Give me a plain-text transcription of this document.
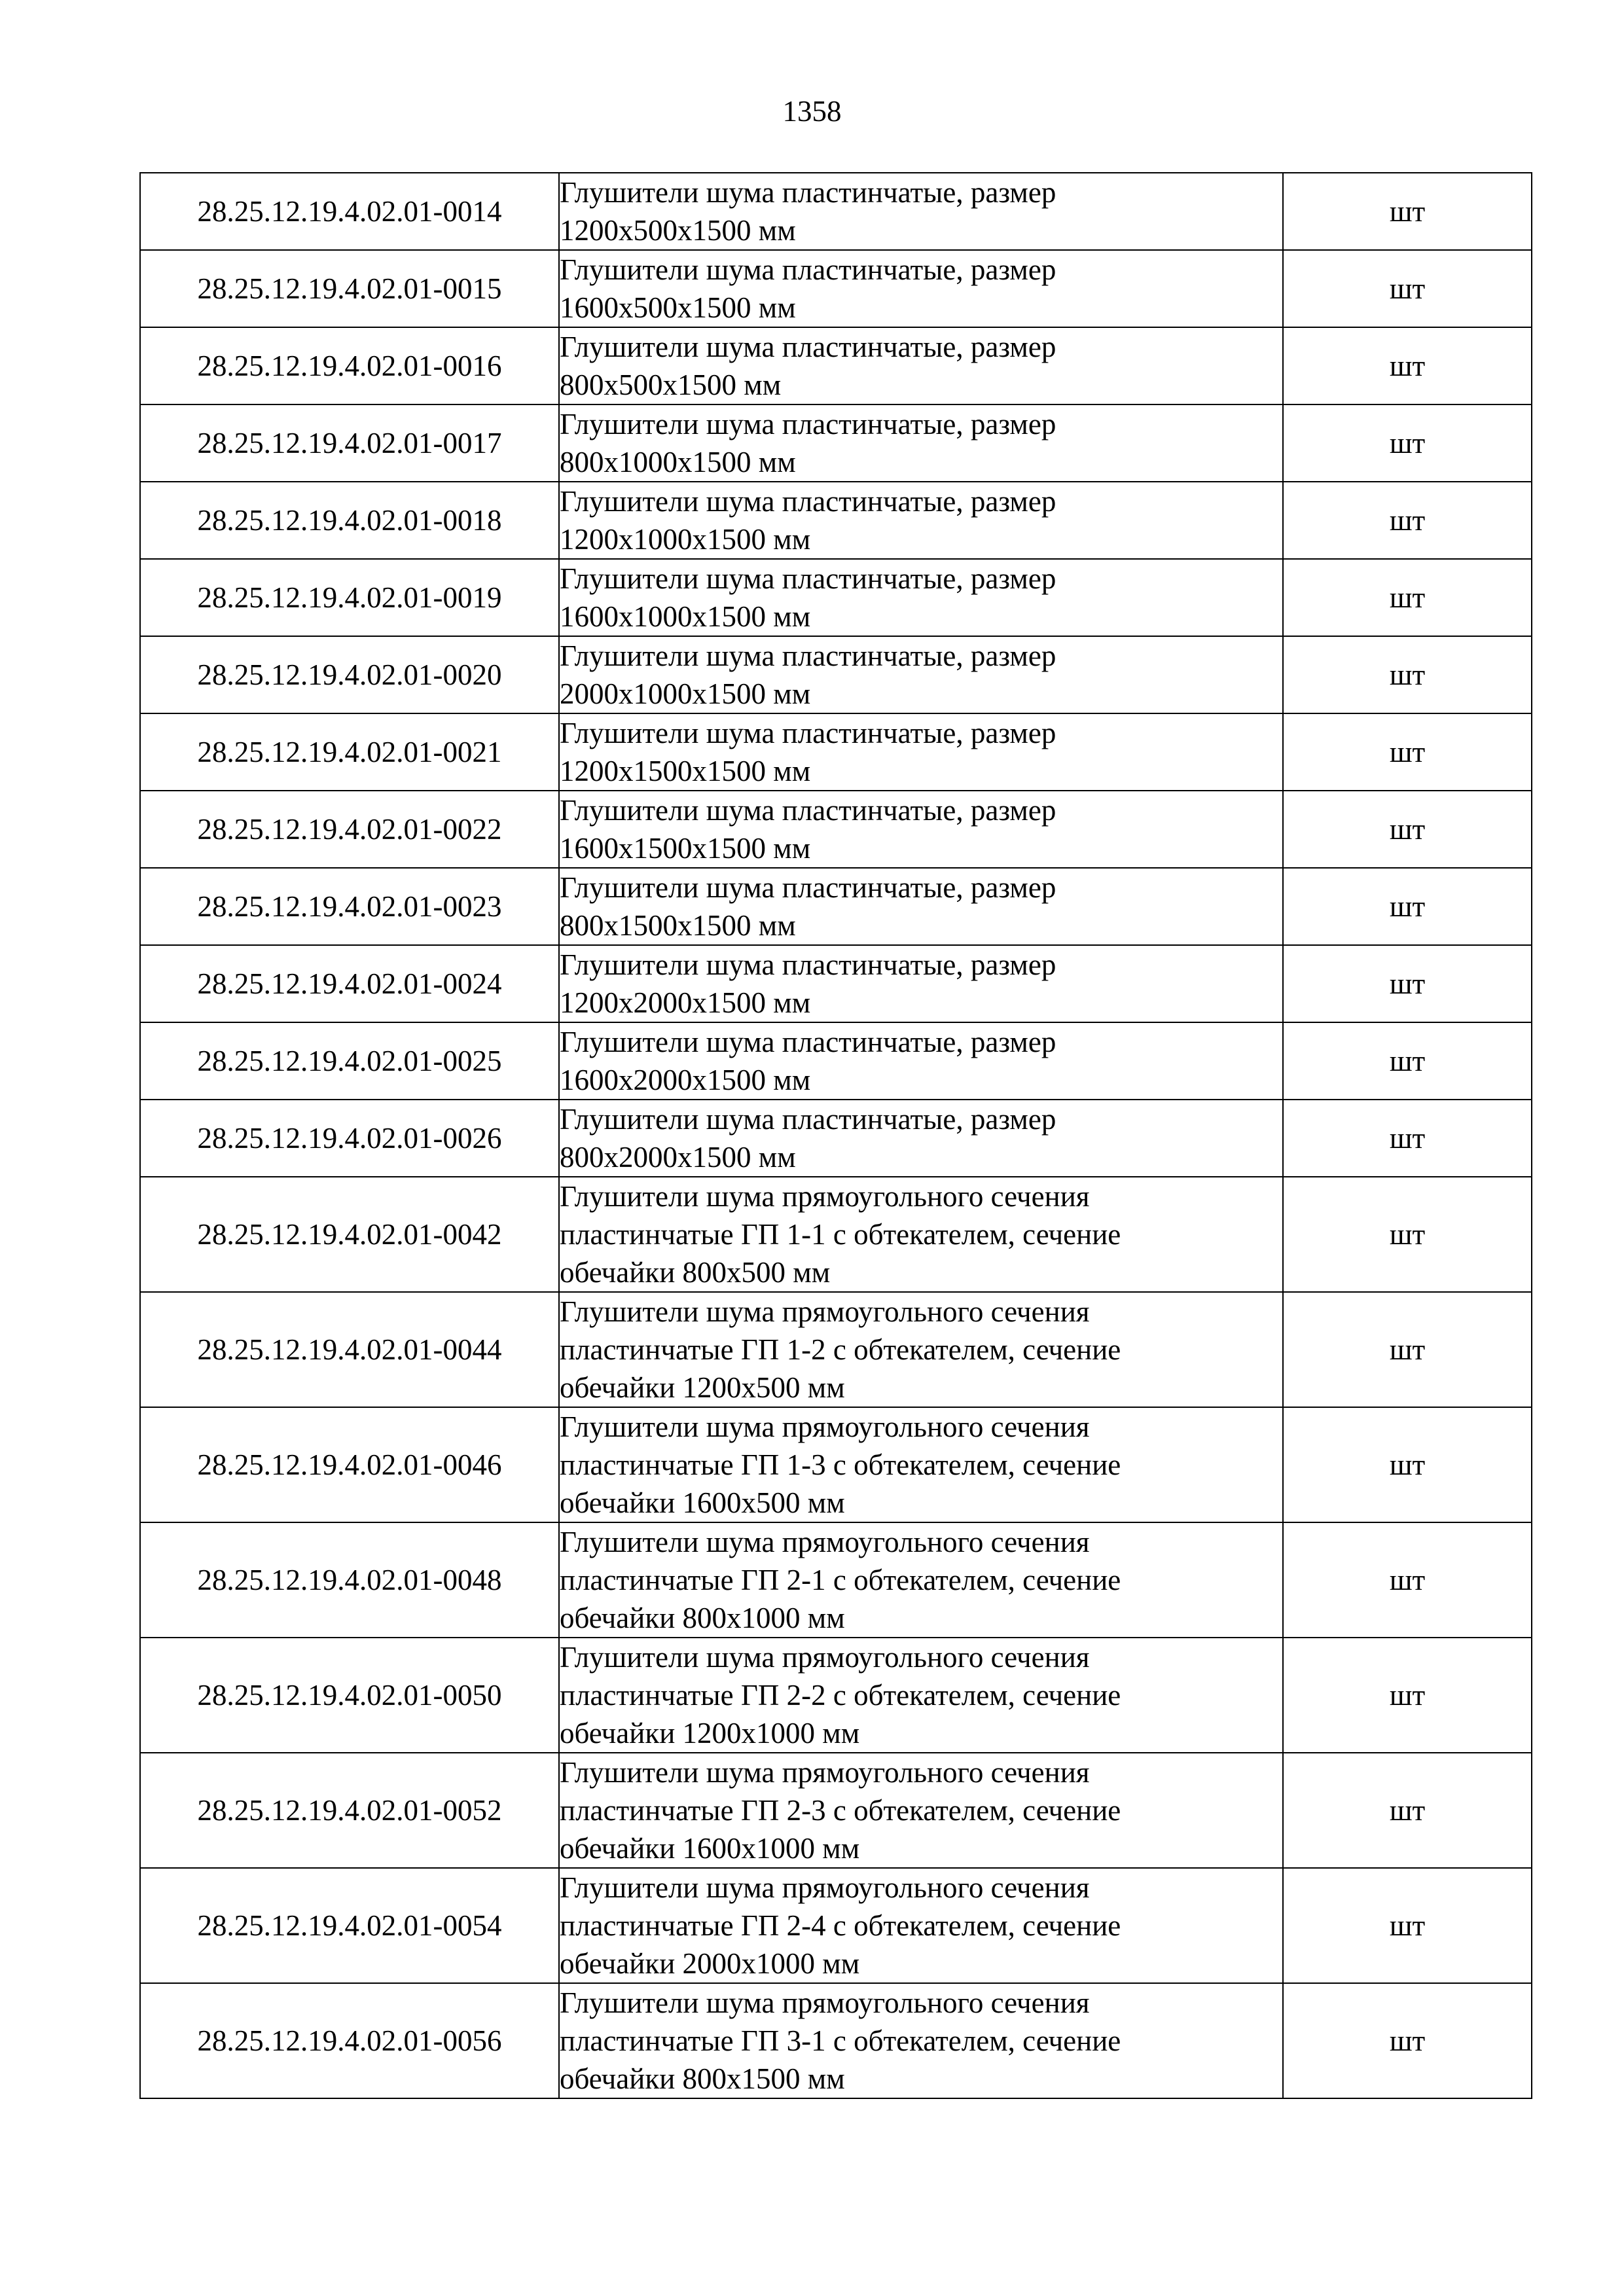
1358
28.25.12.19.4.02.01-0014	Глушители шума пластинчатые, размер
1200x500x1500 мм	шт
28.25.12.19.4.02.01-0015	Глушители шума пластинчатые, размер
1600x500x1500 мм	шт
28.25.12.19.4.02.01-0016	Глушители шума пластинчатые, размер
800x500x1500 мм	шт
28.25.12.19.4.02.01-0017	Глушители шума пластинчатые, размер
800x1000x1500 мм	шт
28.25.12.19.4.02.01-0018	Глушители шума пластинчатые, размер
1200x1000x1500 мм	шт
28.25.12.19.4.02.01-0019	Глушители шума пластинчатые, размер
1600x1000x1500 мм	шт
28.25.12.19.4.02.01-0020	Глушители шума пластинчатые, размер
2000x1000x1500 мм	шт
28.25.12.19.4.02.01-0021	Глушители шума пластинчатые, размер
1200x1500x1500 мм	шт
28.25.12.19.4.02.01-0022	Глушители шума пластинчатые, размер
1600x1500x1500 мм	шт
28.25.12.19.4.02.01-0023	Глушители шума пластинчатые, размер
800x1500x1500 мм	шт
28.25.12.19.4.02.01-0024	Глушители шума пластинчатые, размер
1200x2000x1500 мм	шт
28.25.12.19.4.02.01-0025	Глушители шума пластинчатые, размер
1600x2000x1500 мм	шт
28.25.12.19.4.02.01-0026	Глушители шума пластинчатые, размер
800x2000x1500 мм	шт
28.25.12.19.4.02.01-0042	Глушители шума прямоугольного сечения
пластинчатые ГП 1-1 с обтекателем, сечение
обечайки 800x500 мм	шт
28.25.12.19.4.02.01-0044	Глушители шума прямоугольного сечения
пластинчатые ГП 1-2 с обтекателем, сечение
обечайки 1200x500 мм	шт
28.25.12.19.4.02.01-0046	Глушители шума прямоугольного сечения
пластинчатые ГП 1-3 с обтекателем, сечение
обечайки 1600x500 мм	шт
28.25.12.19.4.02.01-0048	Глушители шума прямоугольного сечения
пластинчатые ГП 2-1 с обтекателем, сечение
обечайки 800x1000 мм	шт
28.25.12.19.4.02.01-0050	Глушители шума прямоугольного сечения
пластинчатые ГП 2-2 с обтекателем, сечение
обечайки 1200x1000 мм	шт
28.25.12.19.4.02.01-0052	Глушители шума прямоугольного сечения
пластинчатые ГП 2-3 с обтекателем, сечение
обечайки 1600x1000 мм	шт
28.25.12.19.4.02.01-0054	Глушители шума прямоугольного сечения
пластинчатые ГП 2-4 с обтекателем, сечение
обечайки 2000x1000 мм	шт
28.25.12.19.4.02.01-0056	Глушители шума прямоугольного сечения
пластинчатые ГП 3-1 с обтекателем, сечение
обечайки 800x1500 мм	шт
